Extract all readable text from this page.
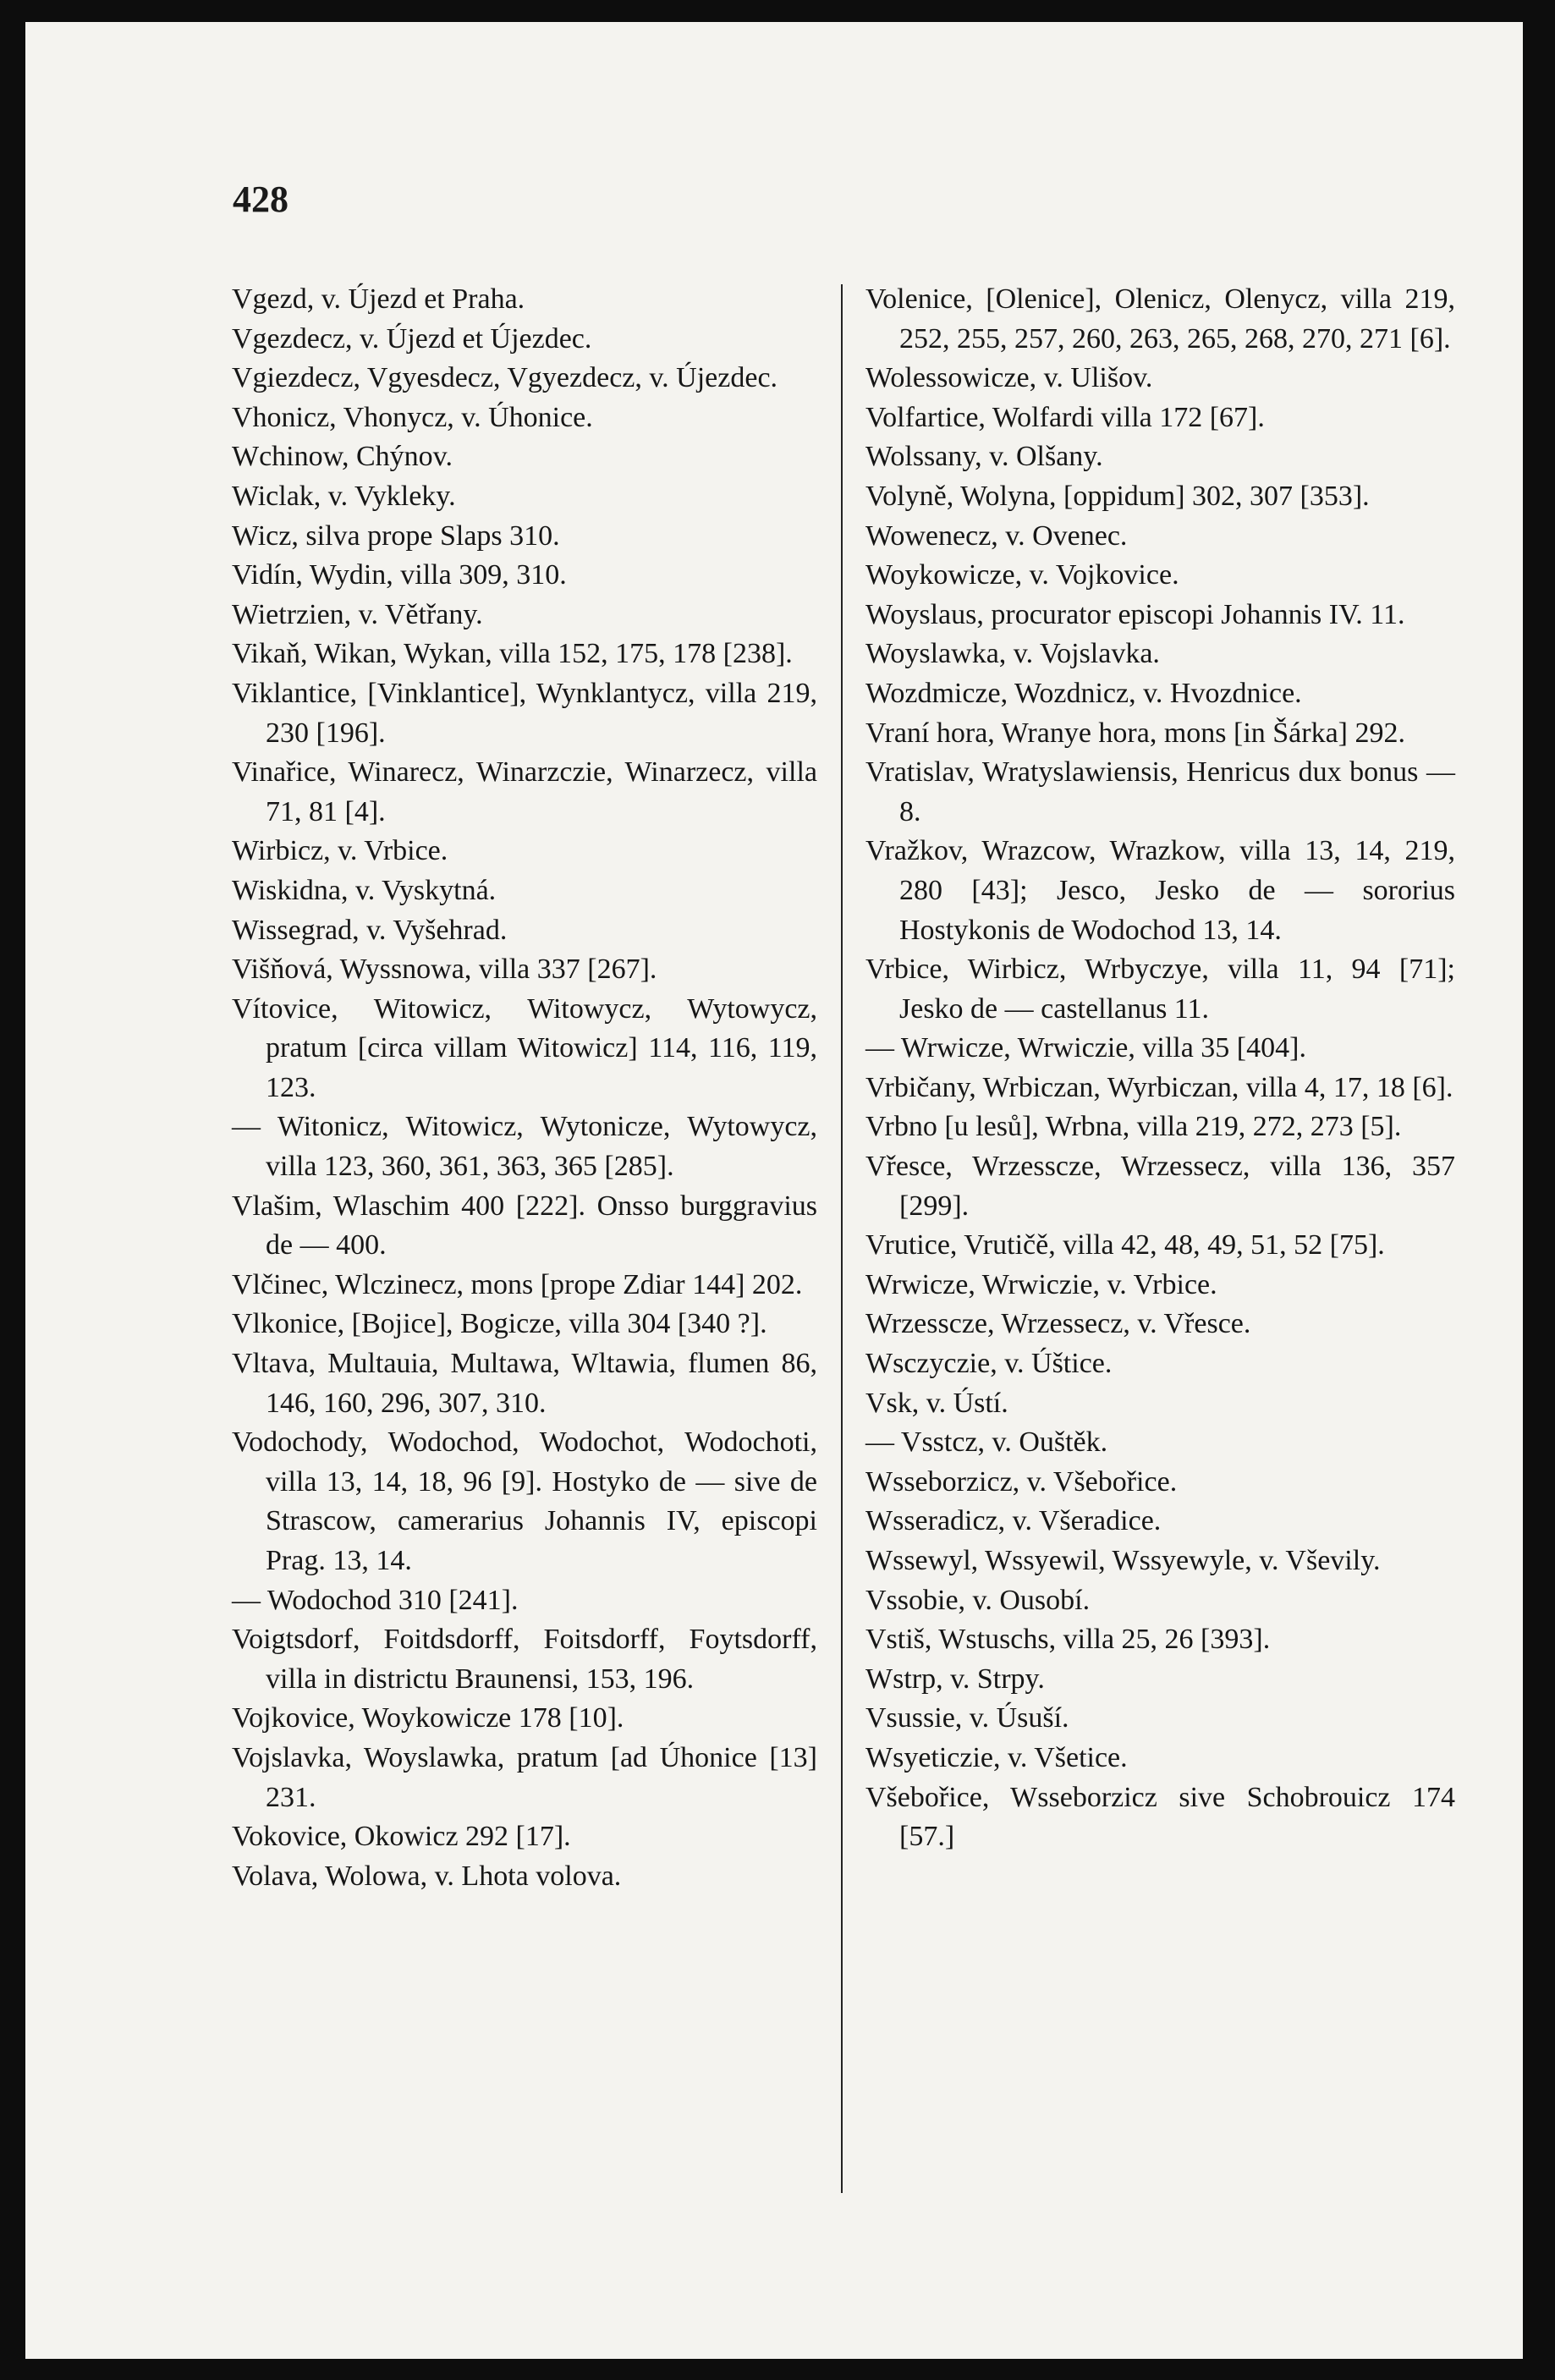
428

Vgezd, v. Újezd et Praha.

Vgezdecz, v. Újezd et Újezdec.

Vgiezdecz, Vgyesdecz, Vgyezdecz, v. Újezdec.

Vhonicz, Vhonycz, v. Úhonice.

Wchinow, Chýnov.

Wiclak, v. Vykleky.

Wicz, silva prope Slaps 310.

Vidín, Wydin, villa 309, 310.

Wietrzien, v. Větřany.

Vikaň, Wikan, Wykan, villa 152, 175, 178 [238].

Viklantice, [Vinklantice], Wynklantycz, villa 219, 230 [196].

Vinařice, Winarecz, Winarzczie, Winarzecz, villa 71, 81 [4].

Wirbicz, v. Vrbice.

Wiskidna, v. Vyskytná.

Wissegrad, v. Vyšehrad.

Višňová, Wyssnowa, villa 337 [267].

Vítovice, Witowicz, Witowycz, Wytowycz, pratum [circa villam Witowicz] 114, 116, 119, 123.

— Witonicz, Witowicz, Wytonicze, Wytowycz, villa 123, 360, 361, 363, 365 [285].

Vlašim, Wlaschim 400 [222]. Onsso burggravius de — 400.

Vlčinec, Wlczinecz, mons [prope Zdiar 144] 202.

Vlkonice, [Bojice], Bogicze, villa 304 [340 ?].

Vltava, Multauia, Multawa, Wltawia, flumen 86, 146, 160, 296, 307, 310.

Vodochody, Wodochod, Wodochot, Wodochoti, villa 13, 14, 18, 96 [9]. Hostyko de — sive de Strascow, camerarius Johannis IV, episcopi Prag. 13, 14.

— Wodochod 310 [241].

Voigtsdorf, Foitdsdorff, Foitsdorff, Foytsdorff, villa in districtu Braunensi, 153, 196.

Vojkovice, Woykowicze 178 [10].

Vojslavka, Woyslawka, pratum [ad Úhonice [13] 231.

Vokovice, Okowicz 292 [17].

Volava, Wolowa, v. Lhota volova.

Volenice, [Olenice], Olenicz, Olenycz, villa 219, 252, 255, 257, 260, 263, 265, 268, 270, 271 [6].

Wolessowicze, v. Ulišov.

Volfartice, Wolfardi villa 172 [67].

Wolssany, v. Olšany.

Volyně, Wolyna, [oppidum] 302, 307 [353].

Wowenecz, v. Ovenec.

Woykowicze, v. Vojkovice.

Woyslaus, procurator episcopi Johannis IV. 11.

Woyslawka, v. Vojslavka.

Wozdmicze, Wozdnicz, v. Hvozdnice.

Vraní hora, Wranye hora, mons [in Šárka] 292.

Vratislav, Wratyslawiensis, Henricus dux bonus — 8.

Vražkov, Wrazcow, Wrazkow, villa 13, 14, 219, 280 [43]; Jesco, Jesko de — sororius Hostykonis de Wodochod 13, 14.

Vrbice, Wirbicz, Wrbyczye, villa 11, 94 [71]; Jesko de — castellanus 11.

— Wrwicze, Wrwiczie, villa 35 [404].

Vrbičany, Wrbiczan, Wyrbiczan, villa 4, 17, 18 [6].

Vrbno [u lesů], Wrbna, villa 219, 272, 273 [5].

Vřesce, Wrzessсze, Wrzessecz, villa 136, 357 [299].

Vrutice, Vrutičě, villa 42, 48, 49, 51, 52 [75].

Wrwicze, Wrwiczie, v. Vrbice.

Wrzesscze, Wrzessecz, v. Vřesce.

Wsczyczie, v. Úštice.

Vsk, v. Ústí.

— Vsstcz, v. Ouštěk.

Wsseborzicz, v. Všebořice.

Wsseradicz, v. Všeradice.

Wssewyl, Wssyewil, Wssyewyle, v. Vševily.

Vssobie, v. Ousobí.

Vstiš, Wstuschs, villa 25, 26 [393].

Wstrp, v. Strpy.

Vsussie, v. Úsuší.

Wsyeticzie, v. Všetice.

Všebořice, Wsseborzicz sive Schobrouicz 174 [57.]
